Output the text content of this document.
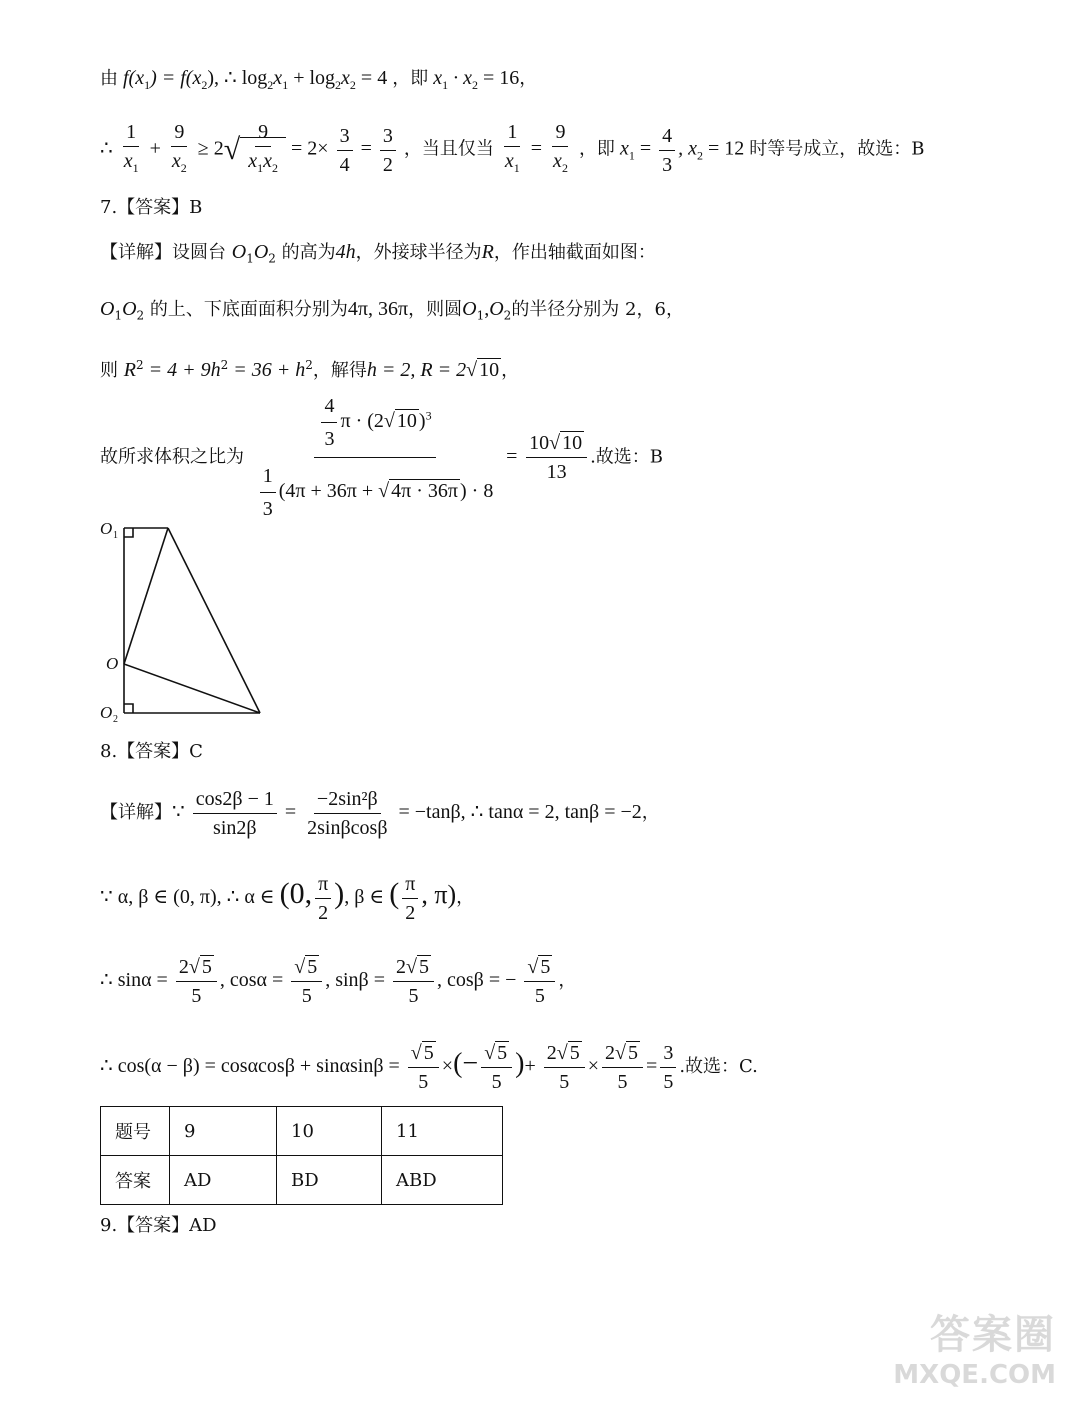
由 $f(x_1) = f(x_2)$, ∴ $\log_2x_1 + \log_2x_2 = 4$ ，即 $x_1 \cdot x_2 = 16$，
∴ $\frac{1}{x_1} + \frac{9}{x_2} \ge 2√ \frac{9}{x_1x_2} = 2\times \frac{3}{4} = \frac{3}{2}$ ，当且仅当 $\frac{1}{x_1} = \frac{9}{x_2}$ ，即 $x_1 = \frac{4}{3}$ , $x_2 = 12$ 时等号成立，故选：B
7.【答案】B
【详解】设圆台 $O_1O_2$ 的高为4h，外接球半径为R，作出轴截面如图：
$O_1O_2$ 的上、下底面面积分别为4π, 36π，则圆$O_1,O_2$的半径分别为 2，6，
则 $R^2 = 4 + 9h^2 = 36 + h^2$，解得h = 2, R = 2√ 10 ，
故所求体积之比为 $\frac{\frac{4}{3} \pi \cdot (2√ 10 )^3}{\frac{1}{3} (4\pi + 36\pi + √ 4\pi \cdot 36\pi ) \cdot 8} = \frac{10√ 10}{13}$ .故选：B
O 1
O
O 2
8.【答案】C
【详解】∵ $\frac{\cos 2\beta - 1}{\sin 2\beta} = \frac{\text{−2sin²β}}{2\sin\beta\cos\beta} = -\tan\beta$, ∴ tanα = 2, tanβ = −2，
∵ α, β ∈ (0, π), ∴ α ∈ (0, $\frac{\pi}{2}$ ), β ∈ ( $\frac{\pi}{2}$ , π)，
∴ $\sin\alpha = \frac{2√ 5}{5}$ , $\cos\alpha = \frac{√ 5}{5}$ , $\sin\beta = \frac{2√ 5}{5}$ , cosβ = − $\frac{√ 5}{5}$ ，
∴ $\cos(\alpha - \beta) = \cos\alpha\cos\beta + \sin\alpha\sin\beta = \frac{√ 5}{5}$ ×(− $\frac{√ 5}{5}$ )+ $\frac{2√ 5}{5} \times \frac{2√ 5}{5} = \frac{3}{5}$ .故选：C.
题号	9	10	11
答案	AD	BD	ABD
9.【答案】AD
答案圈
MXQE.COM
